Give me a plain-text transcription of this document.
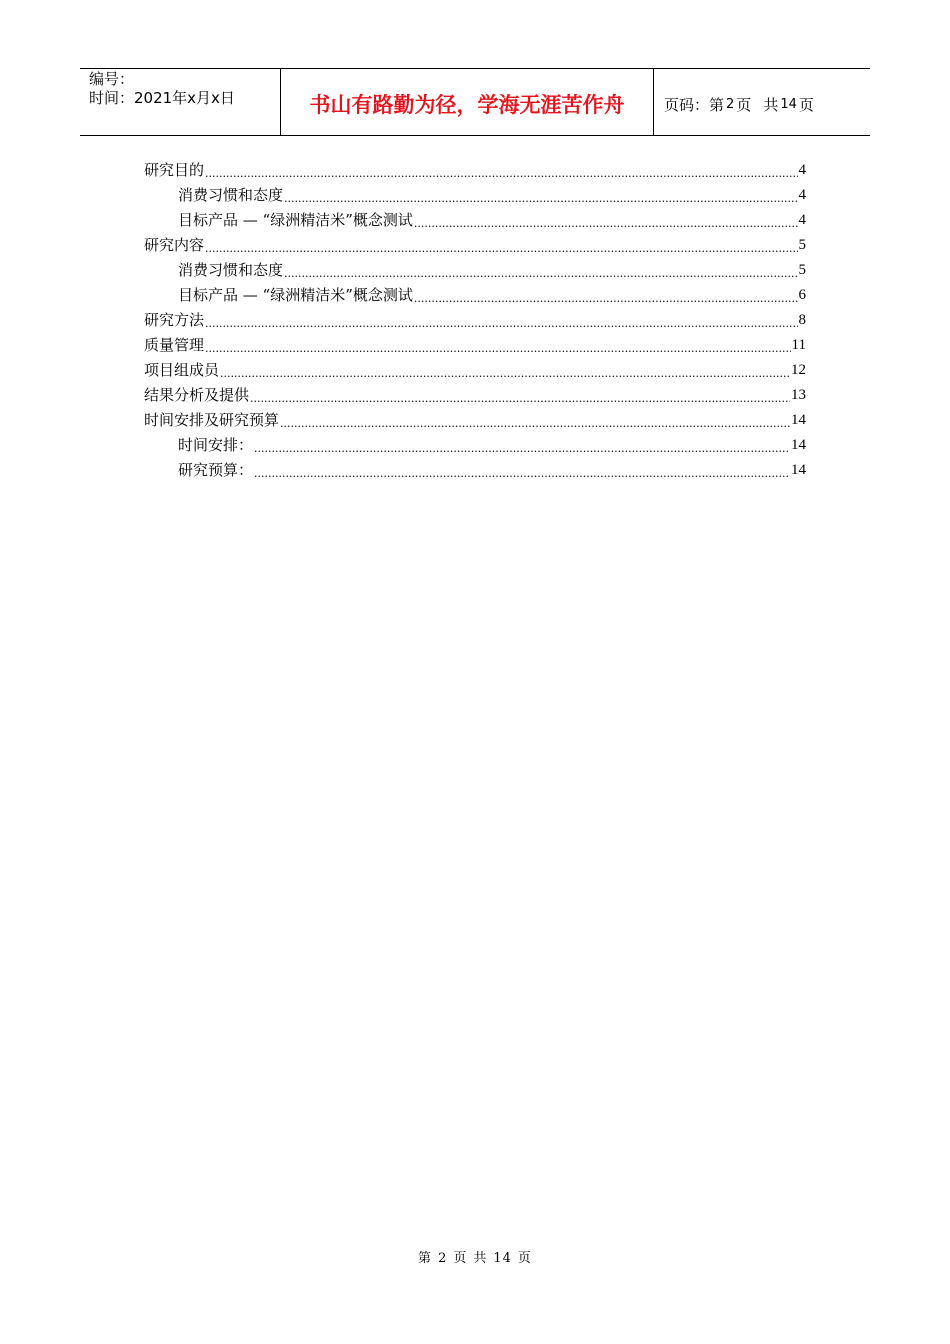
编号：
时间：2021年x月x日	书山有路勤为径，学海无涯苦作舟	页码：第 2 页 共 14 页
研究目的 .....	4
消费习惯和态度 .....	4
目标产品 — “绿洲精洁米”概念测试 .....	4
研究内容 .....	5
消费习惯和态度 .....	5
目标产品 — “绿洲精洁米”概念测试 .....	6
研究方法 .....	8
质量管理 .....	11
项目组成员 .....	12
结果分析及提供 .....	13
时间安排及研究预算 .....	14
时间安排： .....	14
研究预算： .....	14
第 2 页 共 14 页
